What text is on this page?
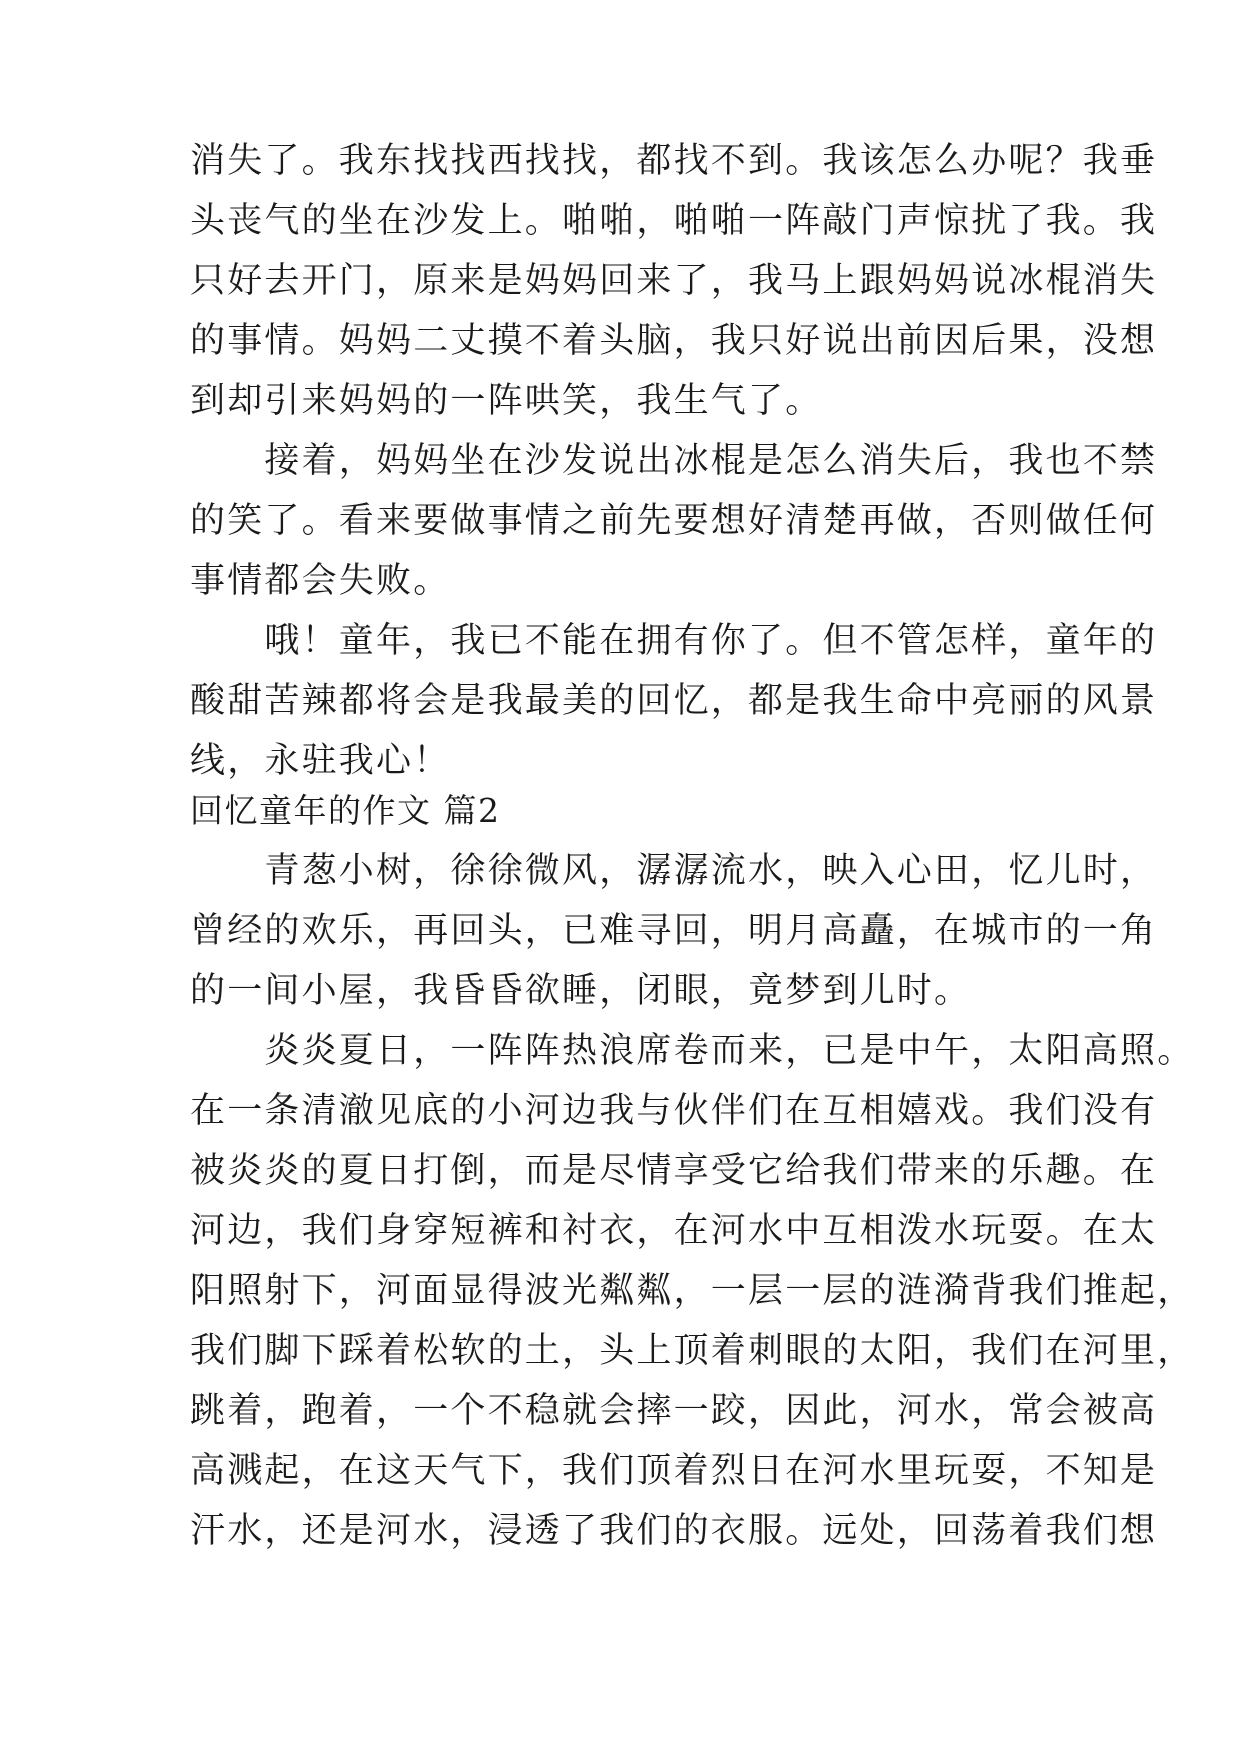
消失了。我东找找西找找，都找不到。我该怎么办呢？我垂
头丧气的坐在沙发上。啪啪，啪啪一阵敲门声惊扰了我。我
只好去开门，原来是妈妈回来了，我马上跟妈妈说冰棍消失
的事情。妈妈二丈摸不着头脑，我只好说出前因后果，没想
到却引来妈妈的一阵哄笑，我生气了。
　　接着，妈妈坐在沙发说出冰棍是怎么消失后，我也不禁
的笑了。看来要做事情之前先要想好清楚再做，否则做任何
事情都会失败。
　　哦！童年，我已不能在拥有你了。但不管怎样，童年的
酸甜苦辣都将会是我最美的回忆，都是我生命中亮丽的风景
线，永驻我心！
回忆童年的作文 篇2
　　青葱小树，徐徐微风，潺潺流水，映入心田，忆儿时，
曾经的欢乐，再回头，已难寻回，明月高矗，在城市的一角
的一间小屋，我昏昏欲睡，闭眼，竟梦到儿时。
　　炎炎夏日，一阵阵热浪席卷而来，已是中午，太阳高照。
在一条清澈见底的小河边我与伙伴们在互相嬉戏。我们没有
被炎炎的夏日打倒，而是尽情享受它给我们带来的乐趣。在
河边，我们身穿短裤和衬衣，在河水中互相泼水玩耍。在太
阳照射下，河面显得波光粼粼，一层一层的涟漪背我们推起，
我们脚下踩着松软的土，头上顶着刺眼的太阳，我们在河里，
跳着，跑着，一个不稳就会摔一跤，因此，河水，常会被高
高溅起，在这天气下，我们顶着烈日在河水里玩耍，不知是
汗水，还是河水，浸透了我们的衣服。远处，回荡着我们想
